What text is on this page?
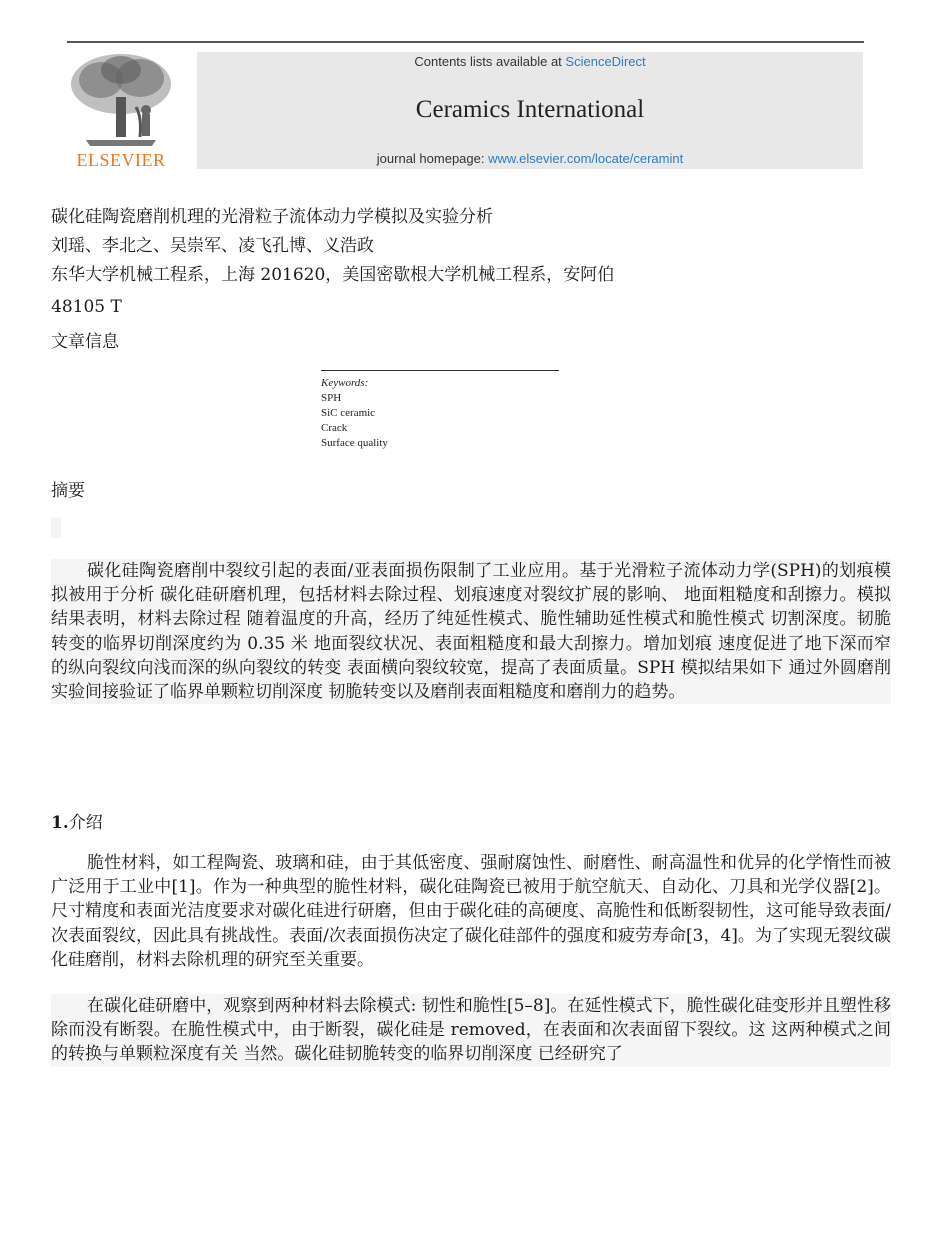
ELSEVIER
Contents lists available at ScienceDirect
Ceramics International
journal homepage: www.elsevier.com/locate/ceramint
碳化硅陶瓷磨削机理的光滑粒子流体动力学模拟及实验分析
刘瑶、李北之、吴崇军、凌飞孔博、义浩政
东华大学机械工程系，上海 201620，美国密歇根大学机械工程系，安阿伯
48105 T
文章信息
Keywords:
SPH
SiC ceramic
Crack
Surface quality
摘要
碳化硅陶瓷磨削中裂纹引起的表面/亚表面损伤限制了工业应用。基于光滑粒子流体动力学(SPH)的划痕模拟被用于分析 碳化硅研磨机理，包括材料去除过程、划痕速度对裂纹扩展的影响、 地面粗糙度和刮擦力。模拟结果表明，材料去除过程 随着温度的升高，经历了纯延性模式、脆性辅助延性模式和脆性模式 切割深度。韧脆转变的临界切削深度约为 0.35 米 地面裂纹状况、表面粗糙度和最大刮擦力。增加划痕 速度促进了地下深而窄的纵向裂纹向浅而深的纵向裂纹的转变 表面横向裂纹较宽，提高了表面质量。SPH 模拟结果如下 通过外圆磨削实验间接验证了临界单颗粒切削深度 韧脆转变以及磨削表面粗糙度和磨削力的趋势。
1.介绍
脆性材料，如工程陶瓷、玻璃和硅，由于其低密度、强耐腐蚀性、耐磨性、耐高温性和优异的化学惰性而被广泛用于工业中[1]。作为一种典型的脆性材料，碳化硅陶瓷已被用于航空航天、自动化、刀具和光学仪器[2]。尺寸精度和表面光洁度要求对碳化硅进行研磨，但由于碳化硅的高硬度、高脆性和低断裂韧性，这可能导致表面/次表面裂纹，因此具有挑战性。表面/次表面损伤决定了碳化硅部件的强度和疲劳寿命[3，4]。为了实现无裂纹碳化硅磨削，材料去除机理的研究至关重要。
在碳化硅研磨中，观察到两种材料去除模式: 韧性和脆性[5–8]。在延性模式下，脆性碳化硅变形并且塑性移除而没有断裂。在脆性模式中，由于断裂，碳化硅是 removed，在表面和次表面留下裂纹。这 这两种模式之间的转换与单颗粒深度有关 当然。碳化硅韧脆转变的临界切削深度 已经研究了
